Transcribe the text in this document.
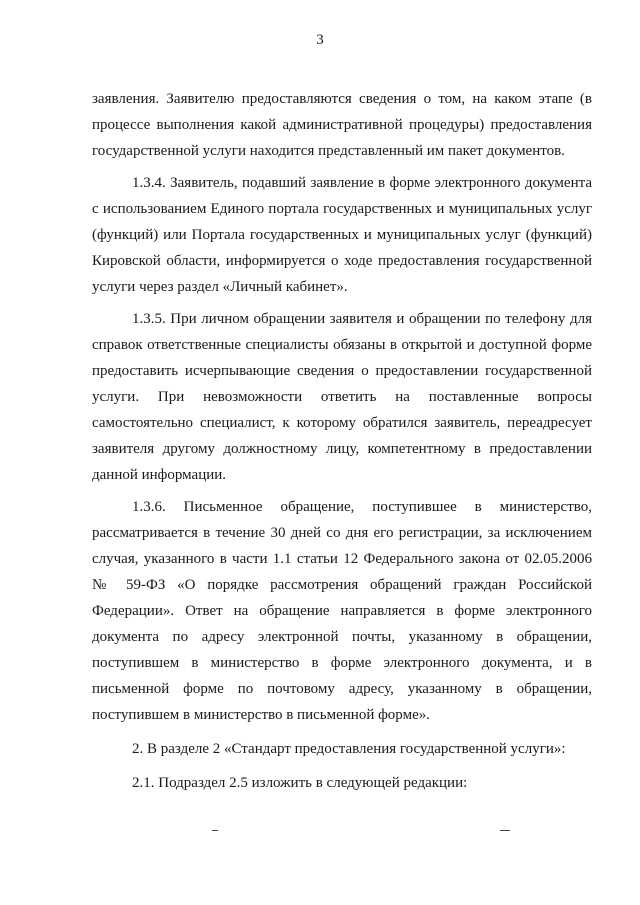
3

заявления. Заявителю предоставляются сведения о том, на каком этапе (в процессе выполнения какой административной процедуры) предоставления государственной услуги находится представленный им пакет документов.

1.3.4. Заявитель, подавший заявление в форме электронного документа с использованием Единого портала государственных и муниципальных услуг (функций) или Портала государственных и муниципальных услуг (функций) Кировской области, информируется о ходе предоставления государственной услуги через раздел «Личный кабинет».

1.3.5. При личном обращении заявителя и обращении по телефону для справок ответственные специалисты обязаны в открытой и доступной форме предоставить исчерпывающие сведения о предоставлении государственной услуги. При невозможности ответить на поставленные вопросы самостоятельно специалист, к которому обратился заявитель, переадресует заявителя другому должностному лицу, компетентному в предоставлении данной информации.

1.3.6. Письменное обращение, поступившее в министерство, рассматривается в течение 30 дней со дня его регистрации, за исключением случая, указанного в части 1.1 статьи 12 Федерального закона от 02.05.2006 № 59-ФЗ «О порядке рассмотрения обращений граждан Российской Федерации». Ответ на обращение направляется в форме электронного документа по адресу электронной почты, указанному в обращении, поступившем в министерство в форме электронного документа, и в письменной форме по почтовому адресу, указанному в обращении, поступившем в министерство в письменной форме».

2. В разделе 2 «Стандарт предоставления государственной услуги»:

2.1. Подраздел 2.5 изложить в следующей редакции:
